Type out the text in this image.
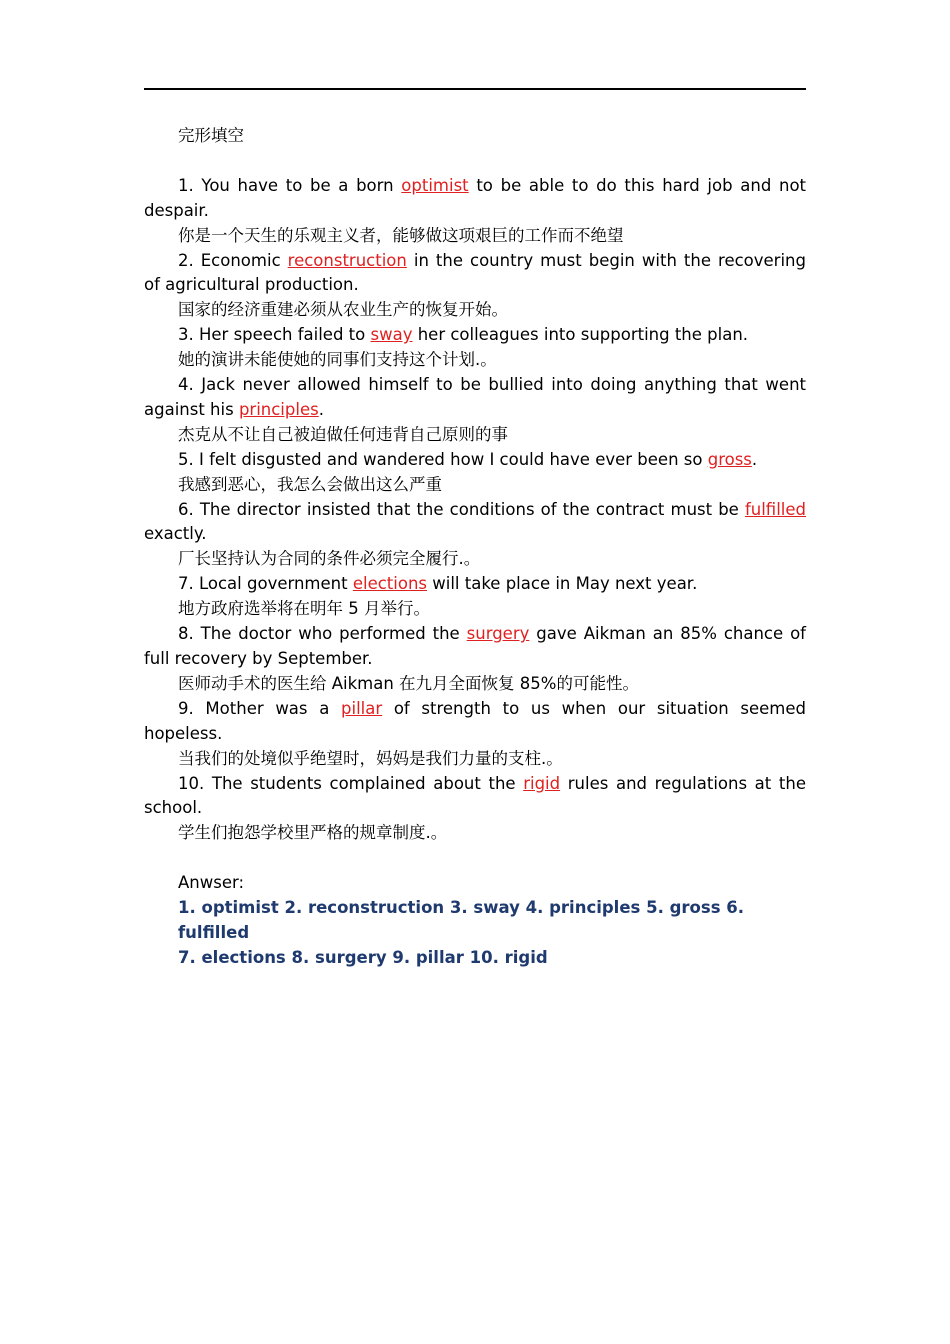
完形填空

1. You have to be a born optimist to be able to do this hard job and not despair.

你是一个天生的乐观主义者，能够做这项艰巨的工作而不绝望

2. Economic reconstruction in the country must begin with the recovering of agricultural production.

国家的经济重建必须从农业生产的恢复开始。

3. Her speech failed to sway her colleagues into supporting the plan.

她的演讲未能使她的同事们支持这个计划.。

4. Jack never allowed himself to be bullied into doing anything that went against his principles.

杰克从不让自己被迫做任何违背自己原则的事

5. I felt disgusted and wandered how I could have ever been so gross.

我感到恶心，我怎么会做出这么严重

6. The director insisted that the conditions of the contract must be fulfilled exactly.

厂长坚持认为合同的条件必须完全履行.。

7. Local government elections will take place in May next year.

地方政府选举将在明年 5 月举行。

8. The doctor who performed the surgery gave Aikman an 85% chance of full recovery by September.

医师动手术的医生给 Aikman 在九月全面恢复 85%的可能性。

9. Mother was a pillar of strength to us when our situation seemed hopeless.

当我们的处境似乎绝望时，妈妈是我们力量的支柱.。

10. The students complained about the rigid rules and regulations at the school.

学生们抱怨学校里严格的规章制度.。

Anwser:

1. optimist 2. reconstruction 3. sway 4. principles 5. gross 6. fulfilled

7. elections 8. surgery 9. pillar 10. rigid
